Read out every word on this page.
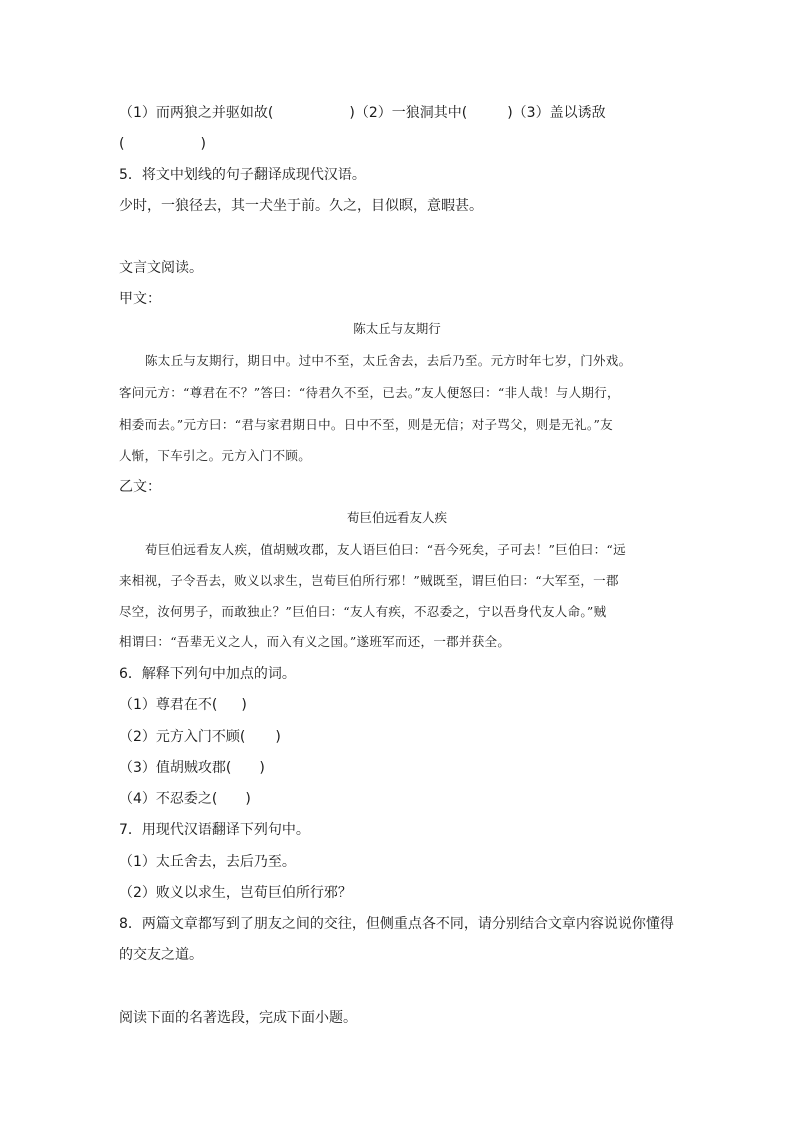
（1）而两狼之并驱如故(	)（2）一狼洞其中(	)（3）盖以诱敌
(	)
5．将文中划线的句子翻译成现代汉语。
少时，一狼径去，其一犬坐于前。久之，目似瞑，意暇甚。
文言文阅读。
甲文：
陈太丘与友期行
陈太丘与友期行，期日中。过中不至，太丘舍去，去后乃至。元方时年七岁，门外戏。
客问元方：“尊君在不？”答曰：“待君久不至，已去。”友人便怒曰：“非人哉！与人期行，
相委而去。”元方曰：“君与家君期日中。日中不至，则是无信；对子骂父，则是无礼。”友
人惭，下车引之。元方入门不顾。
乙文：
荀巨伯远看友人疾
荀巨伯远看友人疾，值胡贼攻郡，友人语巨伯曰：“吾今死矣，子可去！”巨伯曰：“远
来相视，子令吾去，败义以求生，岂荀巨伯所行邪！”贼既至，谓巨伯曰：“大军至，一郡
尽空，汝何男子，而敢独止？”巨伯曰：“友人有疾，不忍委之，宁以吾身代友人命。”贼
相谓曰：“吾辈无义之人，而入有义之国。”遂班军而还，一郡并获全。
6．解释下列句中加点的词。
（1）尊君在不( )
（2）元方入门不顾( )
（3）值胡贼攻郡( )
（4）不忍委之( )
7．用现代汉语翻译下列句中。
（1）太丘舍去，去后乃至。
（2）败义以求生，岂荀巨伯所行邪？
8．两篇文章都写到了朋友之间的交往，但侧重点各不同，请分别结合文章内容说说你懂得
的交友之道。
阅读下面的名著选段，完成下面小题。
